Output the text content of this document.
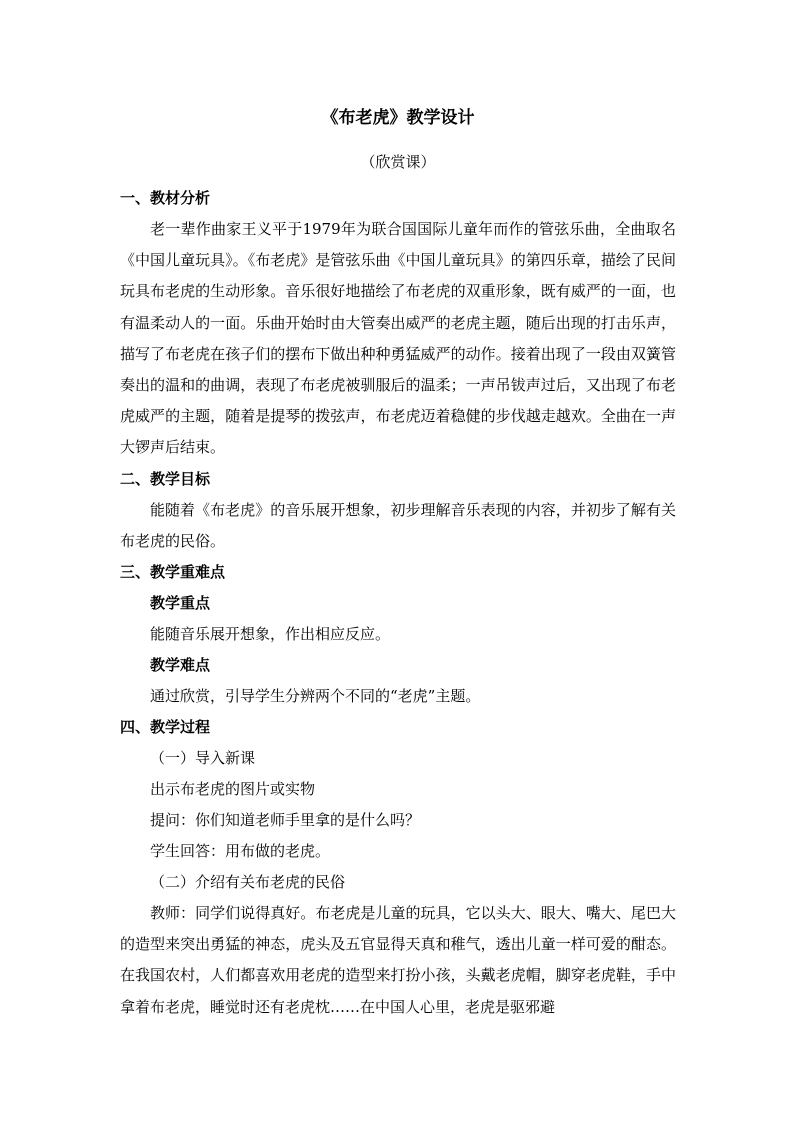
《布老虎》教学设计
（欣赏课）
一、教材分析

老一辈作曲家王义平于1979年为联合国国际儿童年而作的管弦乐曲，全曲取名《中国儿童玩具》。《布老虎》是管弦乐曲《中国儿童玩具》的第四乐章，描绘了民间玩具布老虎的生动形象。音乐很好地描绘了布老虎的双重形象，既有威严的一面，也有温柔动人的一面。乐曲开始时由大管奏出威严的老虎主题，随后出现的打击乐声，描写了布老虎在孩子们的摆布下做出种种勇猛威严的动作。接着出现了一段由双簧管奏出的温和的曲调，表现了布老虎被驯服后的温柔；一声吊钹声过后，又出现了布老虎威严的主题，随着是提琴的拨弦声，布老虎迈着稳健的步伐越走越欢。全曲在一声大锣声后结束。

二、教学目标

能随着《布老虎》的音乐展开想象，初步理解音乐表现的内容，并初步了解有关布老虎的民俗。

三、教学重难点
教学重点
能随音乐展开想象，作出相应反应。
教学难点
通过欣赏，引导学生分辨两个不同的“老虎”主题。
四、教学过程
（一）导入新课
出示布老虎的图片或实物
提问：你们知道老师手里拿的是什么吗？
学生回答：用布做的老虎。
（二）介绍有关布老虎的民俗

教师：同学们说得真好。布老虎是儿童的玩具，它以头大、眼大、嘴大、尾巴大的造型来突出勇猛的神态，虎头及五官显得天真和稚气，透出儿童一样可爱的酣态。在我国农村，人们都喜欢用老虎的造型来打扮小孩，头戴老虎帽，脚穿老虎鞋，手中拿着布老虎，睡觉时还有老虎枕……在中国人心里，老虎是驱邪避
